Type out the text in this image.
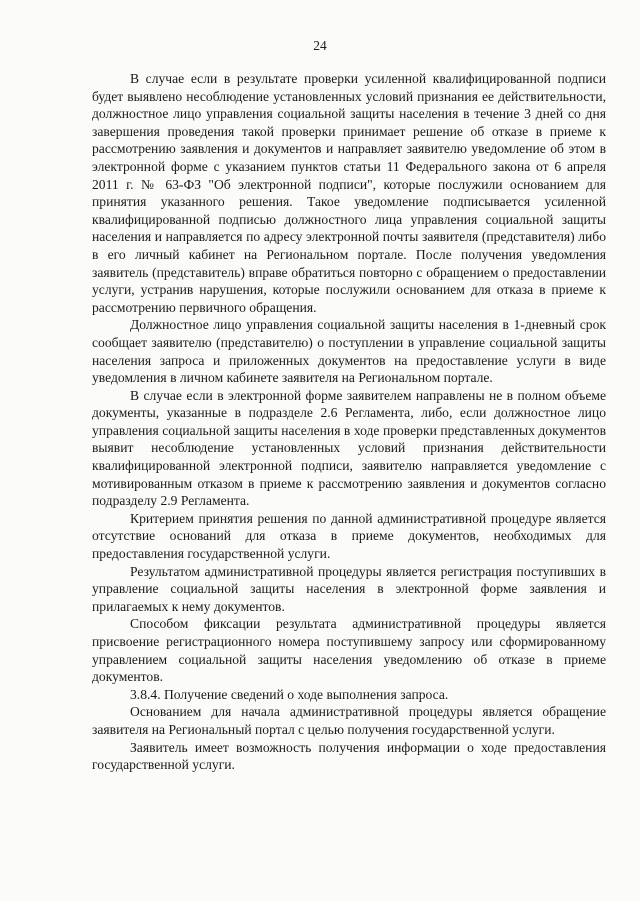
24

В случае если в результате проверки усиленной квалифицированной подписи будет выявлено несоблюдение установленных условий признания ее действительности, должностное лицо управления социальной защиты населения в течение 3 дней со дня завершения проведения такой проверки принимает решение об отказе в приеме к рассмотрению заявления и документов и направляет заявителю уведомление об этом в электронной форме с указанием пунктов статьи 11 Федерального закона от 6 апреля 2011 г. № 63-ФЗ "Об электронной подписи", которые послужили основанием для принятия указанного решения. Такое уведомление подписывается усиленной квалифицированной подписью должностного лица управления социальной защиты населения и направляется по адресу электронной почты заявителя (представителя) либо в его личный кабинет на Региональном портале. После получения уведомления заявитель (представитель) вправе обратиться повторно с обращением о предоставлении услуги, устранив нарушения, которые послужили основанием для отказа в приеме к рассмотрению первичного обращения.

Должностное лицо управления социальной защиты населения в 1-дневный срок сообщает заявителю (представителю) о поступлении в управление социальной защиты населения запроса и приложенных документов на предоставление услуги в виде уведомления в личном кабинете заявителя на Региональном портале.

В случае если в электронной форме заявителем направлены не в полном объеме документы, указанные в подразделе 2.6 Регламента, либо, если должностное лицо управления социальной защиты населения в ходе проверки представленных документов выявит несоблюдение установленных условий признания действительности квалифицированной электронной подписи, заявителю направляется уведомление с мотивированным отказом в приеме к рассмотрению заявления и документов согласно подразделу 2.9 Регламента.

Критерием принятия решения по данной административной процедуре является отсутствие оснований для отказа в приеме документов, необходимых для предоставления государственной услуги.

Результатом административной процедуры является регистрация поступивших в управление социальной защиты населения в электронной форме заявления и прилагаемых к нему документов.

Способом фиксации результата административной процедуры является присвоение регистрационного номера поступившему запросу или сформированному управлением социальной защиты населения уведомлению об отказе в приеме документов.

3.8.4. Получение сведений о ходе выполнения запроса.

Основанием для начала административной процедуры является обращение заявителя на Региональный портал с целью получения государственной услуги.

Заявитель имеет возможность получения информации о ходе предоставления государственной услуги.
